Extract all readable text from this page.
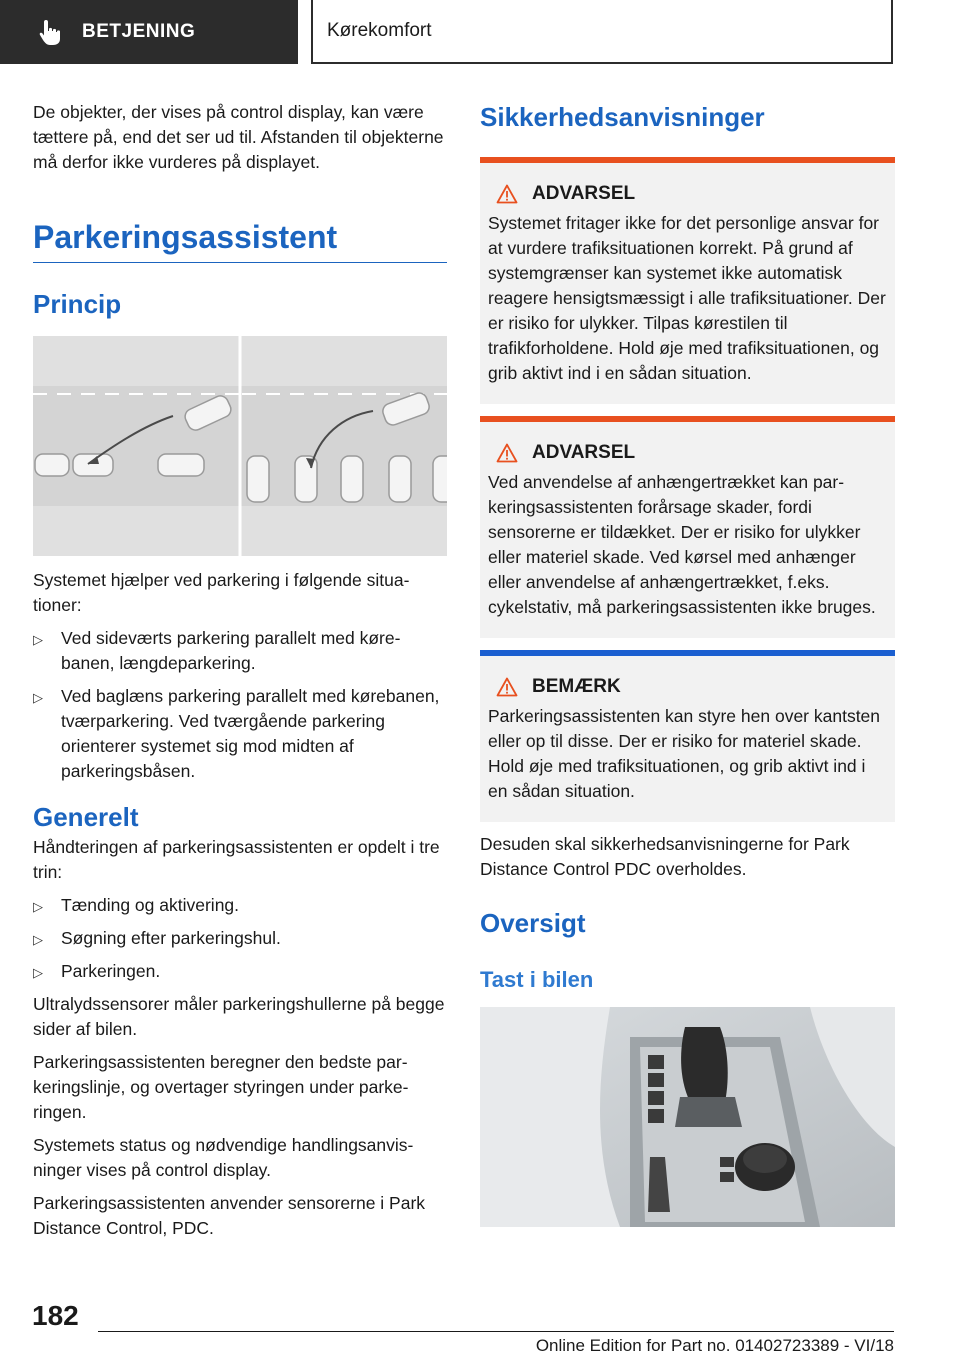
BETJENING	Kørekomfort

De objekter, der vises på control display, kan være tættere på, end det ser ud til. Afstanden til objekterne må derfor ikke vurderes på displayet.

Parkeringsassistent
Princip

Systemet hjælper ved parkering i følgende situationer:

▷ Ved sideværts parkering parallelt med kørebanen, længdeparkering.
▷ Ved baglæns parkering parallelt med kørebanen, tværparkering. Ved tværgående parkering orienterer systemet sig mod midten af parkeringsbåsen.
Generelt

Håndteringen af parkeringsassistenten er opdelt i tre trin:

▷ Tænding og aktivering.
▷ Søgning efter parkeringshul.
▷ Parkeringen.

Ultralydssensorer måler parkeringshullerne på begge sider af bilen.

Parkeringsassistenten beregner den bedste parkeringslinje, og overtager styringen under parkeringen.

Systemets status og nødvendige handlingsanvisninger vises på control display.

Parkeringsassistenten anvender sensorerne i Park Distance Control, PDC.

Sikkerhedsanvisninger
ADVARSEL

Systemet fritager ikke for det personlige ansvar for at vurdere trafiksituationen korrekt. På grund af systemgrænser kan systemet ikke automatisk reagere hensigtsmæssigt i alle trafiksituationer. Der er risiko for ulykker. Tilpas kørestilen til trafikforholdene. Hold øje med trafiksituationen, og grib aktivt ind i en sådan situation.

ADVARSEL

Ved anvendelse af anhængertrækket kan parkeringsassistenten forårsage skader, fordi sensorerne er tildækket. Der er risiko for ulykker eller materiel skade. Ved kørsel med anhænger eller anvendelse af anhængertrækket, f.eks. cykelstativ, må parkeringsassistenten ikke bruges.

BEMÆRK

Parkeringsassistenten kan styre hen over kantsten eller op til disse. Der er risiko for materiel skade. Hold øje med trafiksituationen, og grib aktivt ind i en sådan situation.

Desuden skal sikkerhedsanvisningerne for Park Distance Control PDC overholdes.

Oversigt
Tast i bilen
182
Online Edition for Part no. 01402723389 - VI/18
